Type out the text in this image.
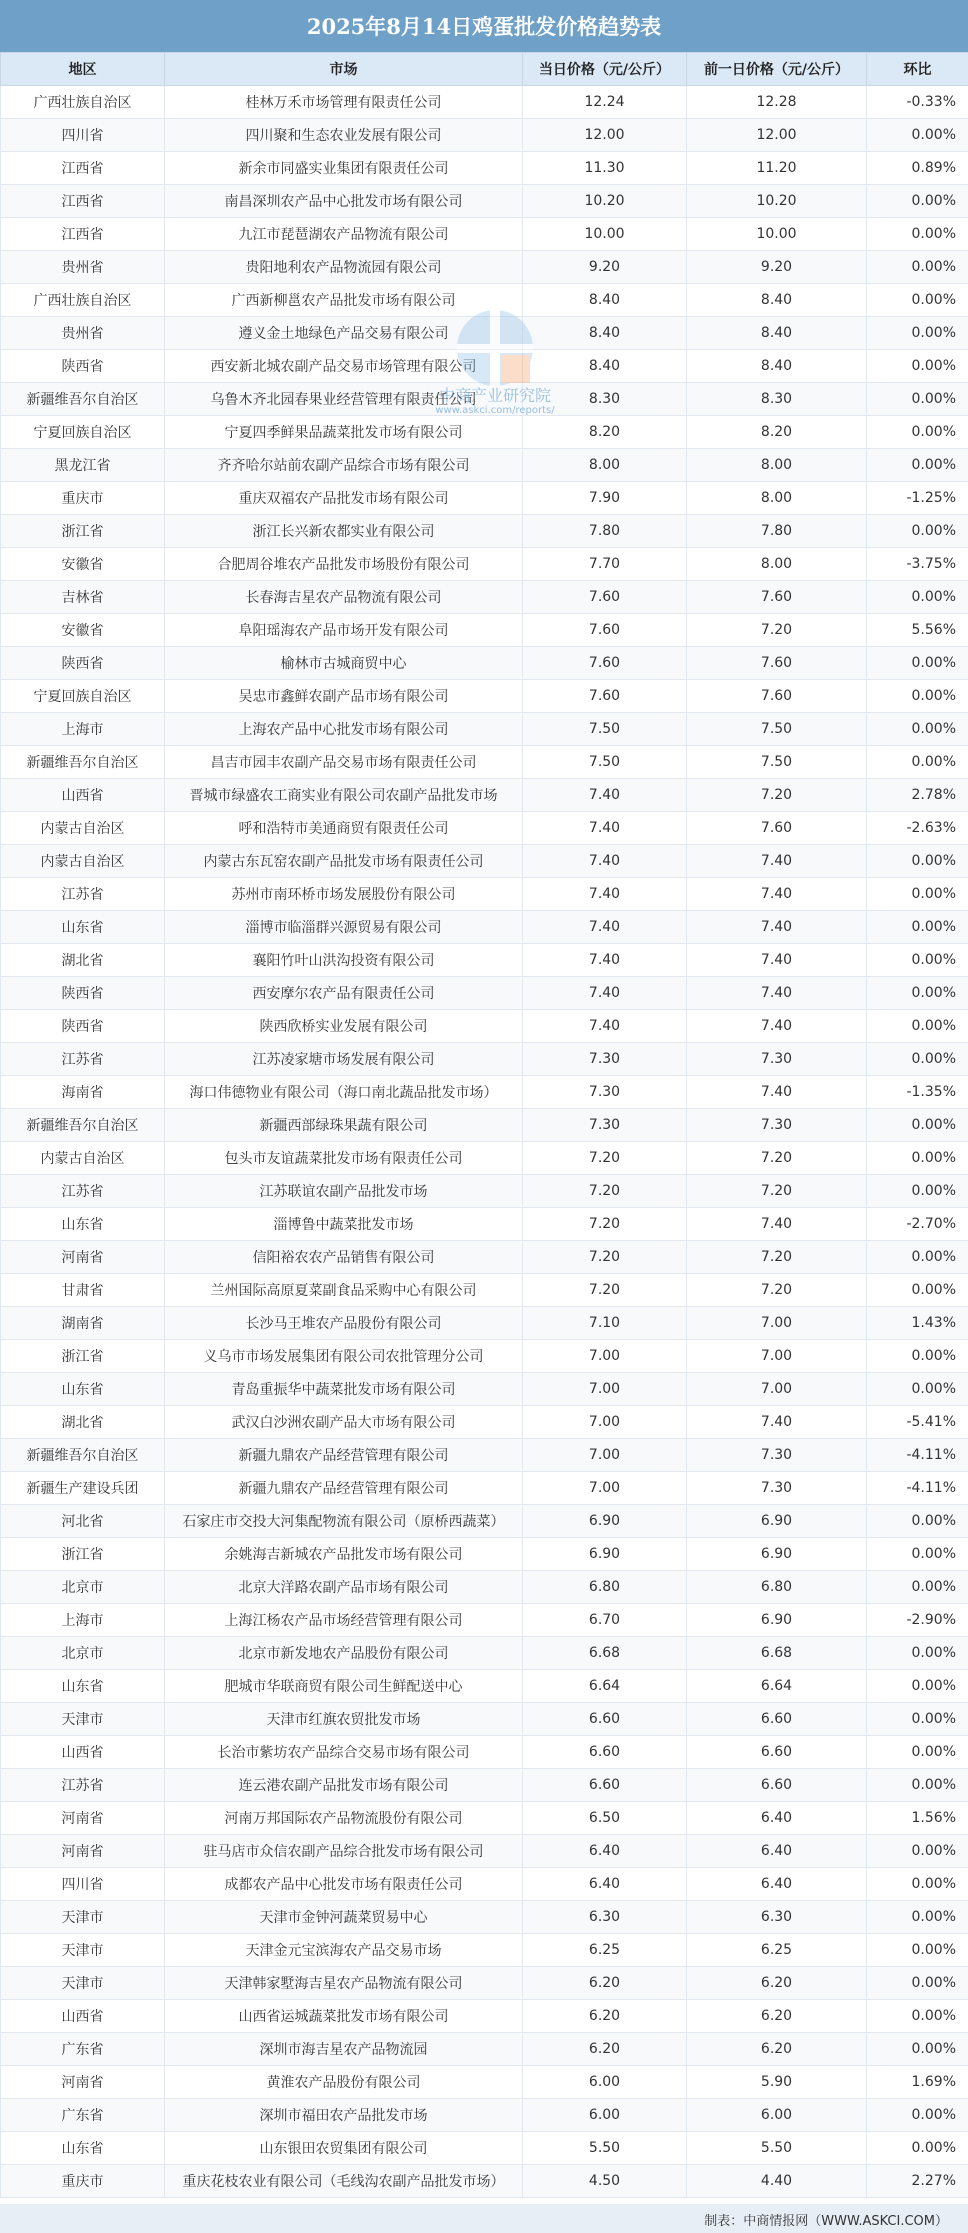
2025年8月14日鸡蛋批发价格趋势表
地区	市场	当日价格（元/公斤）	前一日价格（元/公斤）	环比
广西壮族自治区	桂林万禾市场管理有限责任公司	12.24	12.28	-0.33%
四川省	四川聚和生态农业发展有限公司	12.00	12.00	0.00%
江西省	新余市同盛实业集团有限责任公司	11.30	11.20	0.89%
江西省	南昌深圳农产品中心批发市场有限公司	10.20	10.20	0.00%
江西省	九江市琵琶湖农产品物流有限公司	10.00	10.00	0.00%
贵州省	贵阳地利农产品物流园有限公司	9.20	9.20	0.00%
广西壮族自治区	广西新柳邕农产品批发市场有限公司	8.40	8.40	0.00%
贵州省	遵义金土地绿色产品交易有限公司	8.40	8.40	0.00%
陕西省	西安新北城农副产品交易市场管理有限公司	8.40	8.40	0.00%
新疆维吾尔自治区	乌鲁木齐北园春果业经营管理有限责任公司	8.30	8.30	0.00%
宁夏回族自治区	宁夏四季鲜果品蔬菜批发市场有限公司	8.20	8.20	0.00%
黑龙江省	齐齐哈尔站前农副产品综合市场有限公司	8.00	8.00	0.00%
重庆市	重庆双福农产品批发市场有限公司	7.90	8.00	-1.25%
浙江省	浙江长兴新农都实业有限公司	7.80	7.80	0.00%
安徽省	合肥周谷堆农产品批发市场股份有限公司	7.70	8.00	-3.75%
吉林省	长春海吉星农产品物流有限公司	7.60	7.60	0.00%
安徽省	阜阳瑶海农产品市场开发有限公司	7.60	7.20	5.56%
陕西省	榆林市古城商贸中心	7.60	7.60	0.00%
宁夏回族自治区	吴忠市鑫鲜农副产品市场有限公司	7.60	7.60	0.00%
上海市	上海农产品中心批发市场有限公司	7.50	7.50	0.00%
新疆维吾尔自治区	昌吉市园丰农副产品交易市场有限责任公司	7.50	7.50	0.00%
山西省	晋城市绿盛农工商实业有限公司农副产品批发市场	7.40	7.20	2.78%
内蒙古自治区	呼和浩特市美通商贸有限责任公司	7.40	7.60	-2.63%
内蒙古自治区	内蒙古东瓦窑农副产品批发市场有限责任公司	7.40	7.40	0.00%
江苏省	苏州市南环桥市场发展股份有限公司	7.40	7.40	0.00%
山东省	淄博市临淄群兴源贸易有限公司	7.40	7.40	0.00%
湖北省	襄阳竹叶山洪沟投资有限公司	7.40	7.40	0.00%
陕西省	西安摩尔农产品有限责任公司	7.40	7.40	0.00%
陕西省	陕西欣桥实业发展有限公司	7.40	7.40	0.00%
江苏省	江苏凌家塘市场发展有限公司	7.30	7.30	0.00%
海南省	海口伟德物业有限公司（海口南北蔬品批发市场）	7.30	7.40	-1.35%
新疆维吾尔自治区	新疆西部绿珠果蔬有限公司	7.30	7.30	0.00%
内蒙古自治区	包头市友谊蔬菜批发市场有限责任公司	7.20	7.20	0.00%
江苏省	江苏联谊农副产品批发市场	7.20	7.20	0.00%
山东省	淄博鲁中蔬菜批发市场	7.20	7.40	-2.70%
河南省	信阳裕农农产品销售有限公司	7.20	7.20	0.00%
甘肃省	兰州国际高原夏菜副食品采购中心有限公司	7.20	7.20	0.00%
湖南省	长沙马王堆农产品股份有限公司	7.10	7.00	1.43%
浙江省	义乌市市场发展集团有限公司农批管理分公司	7.00	7.00	0.00%
山东省	青岛重振华中蔬菜批发市场有限公司	7.00	7.00	0.00%
湖北省	武汉白沙洲农副产品大市场有限公司	7.00	7.40	-5.41%
新疆维吾尔自治区	新疆九鼎农产品经营管理有限公司	7.00	7.30	-4.11%
新疆生产建设兵团	新疆九鼎农产品经营管理有限公司	7.00	7.30	-4.11%
河北省	石家庄市交投大河集配物流有限公司（原桥西蔬菜）	6.90	6.90	0.00%
浙江省	余姚海吉新城农产品批发市场有限公司	6.90	6.90	0.00%
北京市	北京大洋路农副产品市场有限公司	6.80	6.80	0.00%
上海市	上海江杨农产品市场经营管理有限公司	6.70	6.90	-2.90%
北京市	北京市新发地农产品股份有限公司	6.68	6.68	0.00%
山东省	肥城市华联商贸有限公司生鲜配送中心	6.64	6.64	0.00%
天津市	天津市红旗农贸批发市场	6.60	6.60	0.00%
山西省	长治市紫坊农产品综合交易市场有限公司	6.60	6.60	0.00%
江苏省	连云港农副产品批发市场有限公司	6.60	6.60	0.00%
河南省	河南万邦国际农产品物流股份有限公司	6.50	6.40	1.56%
河南省	驻马店市众信农副产品综合批发市场有限公司	6.40	6.40	0.00%
四川省	成都农产品中心批发市场有限责任公司	6.40	6.40	0.00%
天津市	天津市金钟河蔬菜贸易中心	6.30	6.30	0.00%
天津市	天津金元宝滨海农产品交易市场	6.25	6.25	0.00%
天津市	天津韩家墅海吉星农产品物流有限公司	6.20	6.20	0.00%
山西省	山西省运城蔬菜批发市场有限公司	6.20	6.20	0.00%
广东省	深圳市海吉星农产品物流园	6.20	6.20	0.00%
河南省	黄淮农产品股份有限公司	6.00	5.90	1.69%
广东省	深圳市福田农产品批发市场	6.00	6.00	0.00%
山东省	山东银田农贸集团有限公司	5.50	5.50	0.00%
重庆市	重庆花枝农业有限公司（毛线沟农副产品批发市场）	4.50	4.40	2.27%
中商产业研究院
www.askci.com/reports/
制表：中商情报网（WWW.ASKCI.COM）
